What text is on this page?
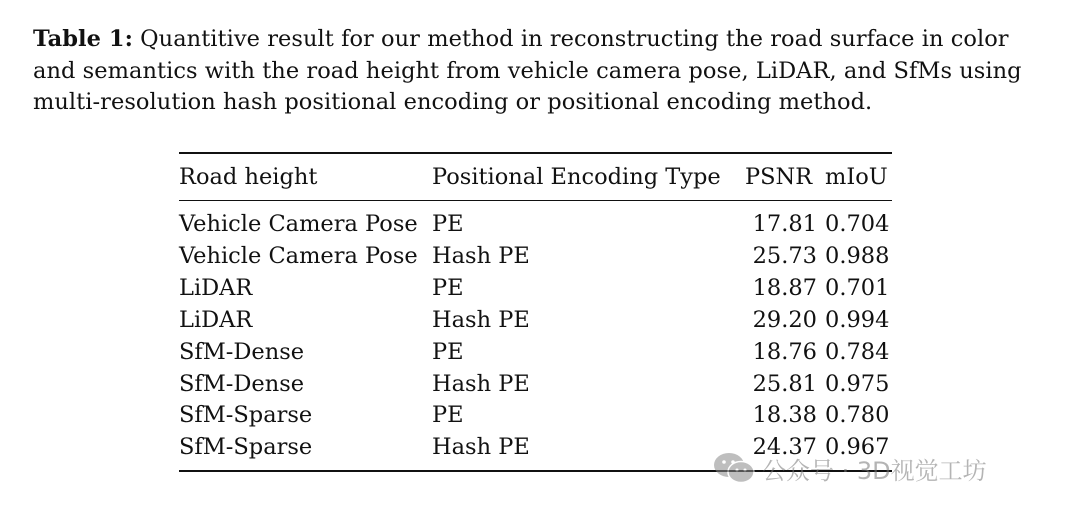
Table 1: Quantitive result for our method in reconstructing the road surface in color and semantics with the road height from vehicle camera pose, LiDAR, and SfMs using multi-resolution hash positional encoding or positional encoding method.
Road height	Positional Encoding Type	PSNR	mIoU
Vehicle Camera Pose	PE	17.81	0.704
Vehicle Camera Pose	Hash PE	25.73	0.988
LiDAR	PE	18.87	0.701
LiDAR	Hash PE	29.20	0.994
SfM-Dense	PE	18.76	0.784
SfM-Dense	Hash PE	25.81	0.975
SfM-Sparse	PE	18.38	0.780
SfM-Sparse	Hash PE	24.37	0.967
公众号 · 3D视觉工坊
